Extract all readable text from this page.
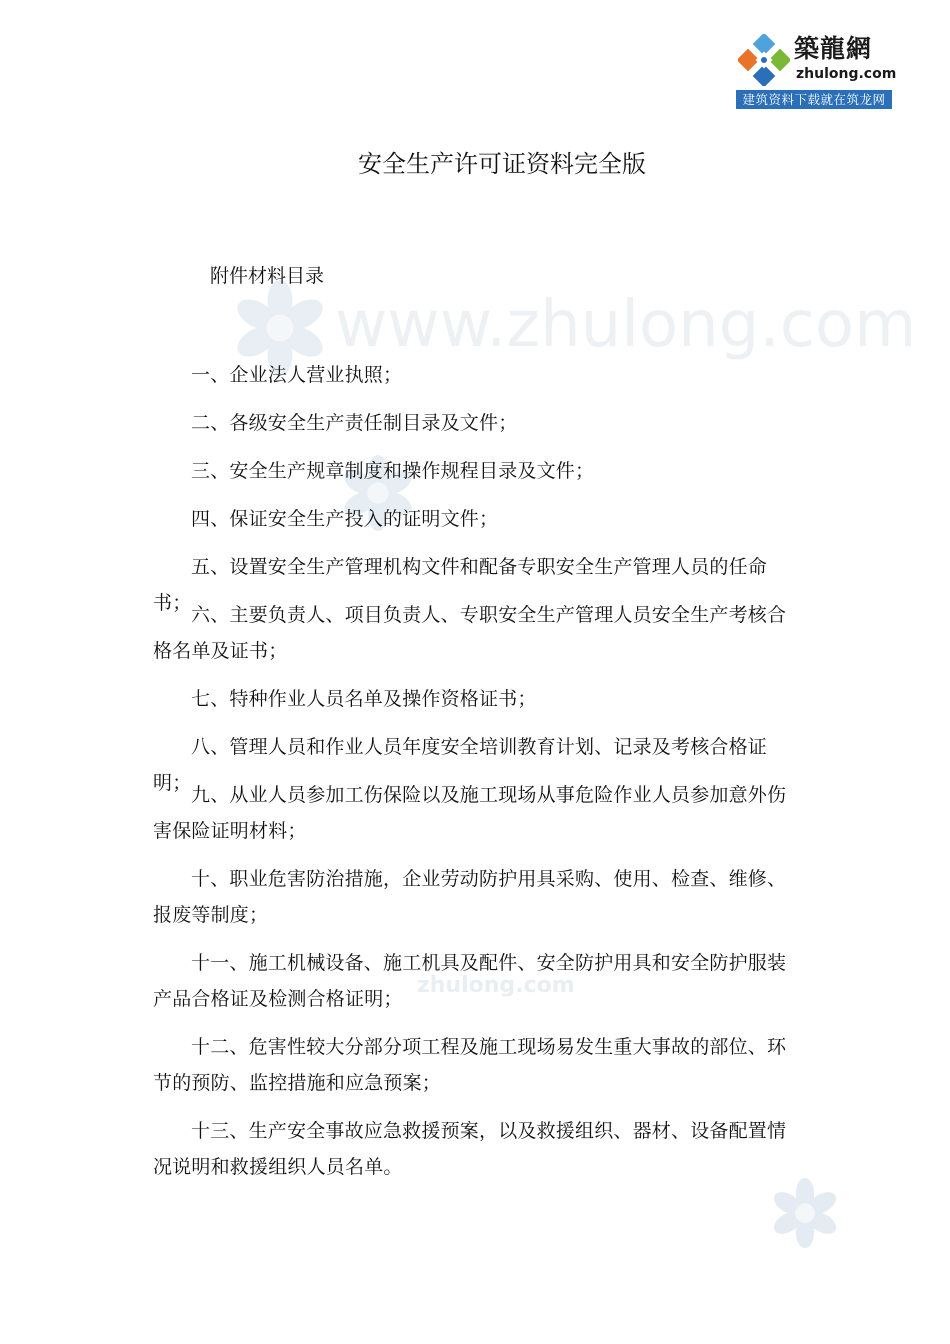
築龍網
zhulong.com
建筑资料下载就在筑龙网
www.zhulong.com
zhulong.com
安全生产许可证资料完全版
附件材料目录
一、企业法人营业执照；
二、各级安全生产责任制目录及文件；
三、安全生产规章制度和操作规程目录及文件；
四、保证安全生产投入的证明文件；
五、设置安全生产管理机构文件和配备专职安全生产管理人员的任命书；
六、主要负责人、项目负责人、专职安全生产管理人员安全生产考核合格名单及证书；
七、特种作业人员名单及操作资格证书；
八、管理人员和作业人员年度安全培训教育计划、记录及考核合格证明；
九、从业人员参加工伤保险以及施工现场从事危险作业人员参加意外伤害保险证明材料；
十、职业危害防治措施，企业劳动防护用具采购、使用、检查、维修、报废等制度；
十一、施工机械设备、施工机具及配件、安全防护用具和安全防护服装产品合格证及检测合格证明；
十二、危害性较大分部分项工程及施工现场易发生重大事故的部位、环节的预防、监控措施和应急预案；
十三、生产安全事故应急救援预案，以及救援组织、器材、设备配置情况说明和救援组织人员名单。
